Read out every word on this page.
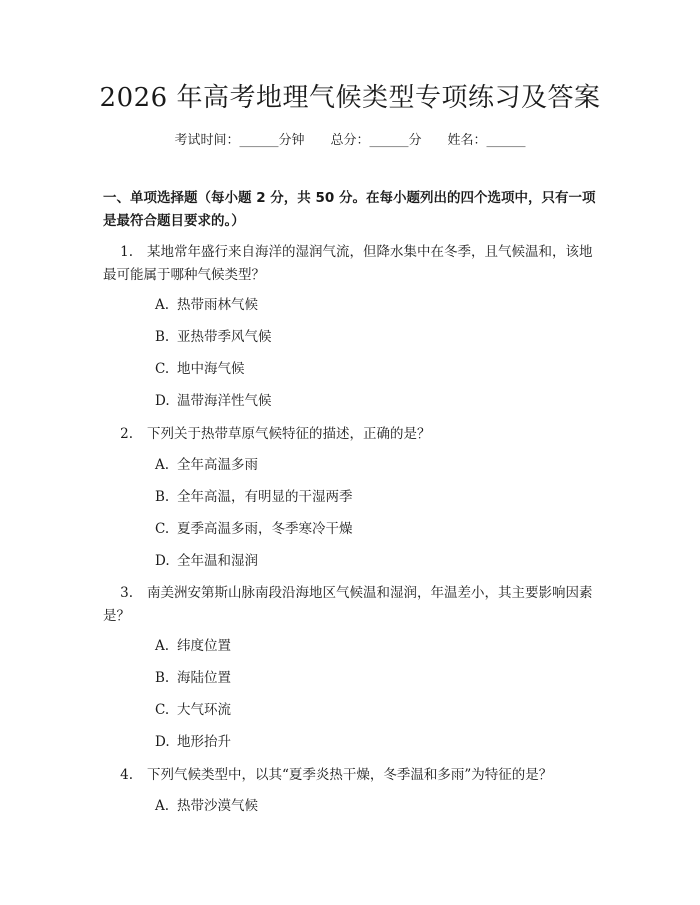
2026 年高考地理气候类型专项练习及答案
考试时间：______分钟 总分：______分 姓名：______
一、单项选择题（每小题 2 分，共 50 分。在每小题列出的四个选项中，只有一项是最符合题目要求的。）

1. 某地常年盛行来自海洋的湿润气流，但降水集中在冬季，且气候温和，该地最可能属于哪种气候类型？

A. 热带雨林气候
B. 亚热带季风气候
C. 地中海气候
D. 温带海洋性气候

2. 下列关于热带草原气候特征的描述，正确的是？

A. 全年高温多雨
B. 全年高温，有明显的干湿两季
C. 夏季高温多雨，冬季寒冷干燥
D. 全年温和湿润

3. 南美洲安第斯山脉南段沿海地区气候温和湿润，年温差小，其主要影响因素是？

A. 纬度位置
B. 海陆位置
C. 大气环流
D. 地形抬升

4. 下列气候类型中，以其“夏季炎热干燥，冬季温和多雨”为特征的是？

A. 热带沙漠气候
